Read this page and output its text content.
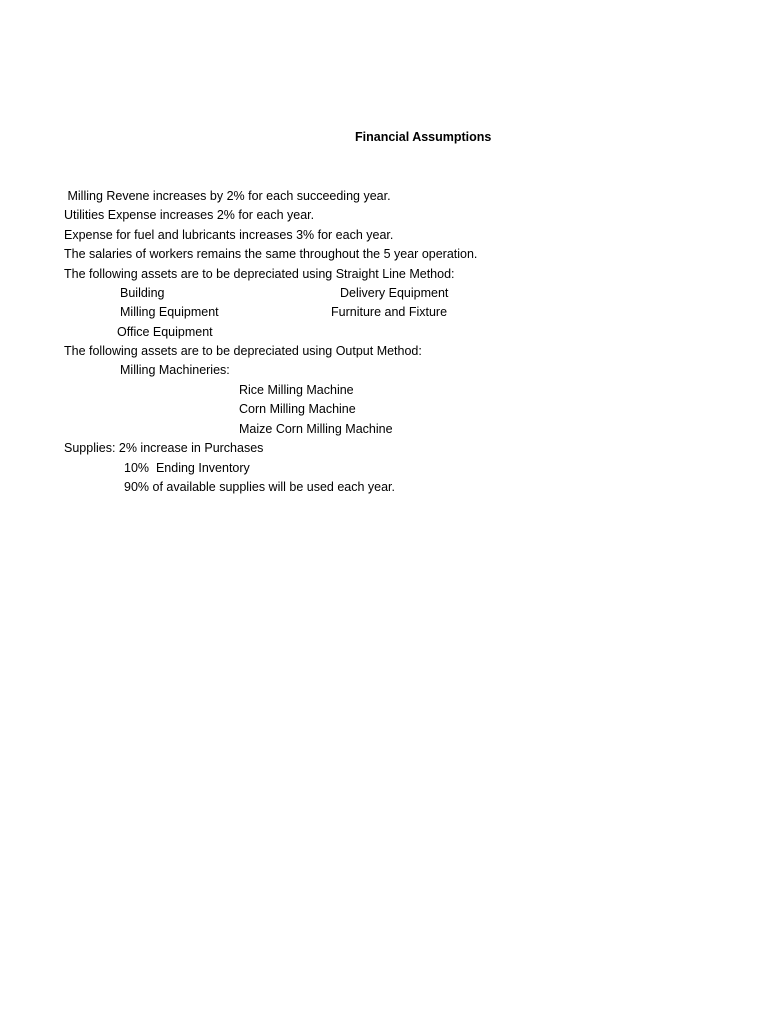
Financial Assumptions
Milling Revene increases by 2% for each succeeding year.
Utilities Expense increases 2% for each year.
Expense for fuel and lubricants increases 3% for each year.
The salaries of workers remains the same throughout the 5 year operation.
The following assets are to be depreciated using Straight Line Method:
Building	Delivery Equipment
Milling Equipment	Furniture and Fixture
Office Equipment
The following assets are to be depreciated using Output Method:
Milling Machineries:
Rice Milling Machine
Corn Milling Machine
Maize Corn Milling Machine
Supplies: 2% increase in Purchases
10%  Ending Inventory
90% of available supplies will be used each year.
